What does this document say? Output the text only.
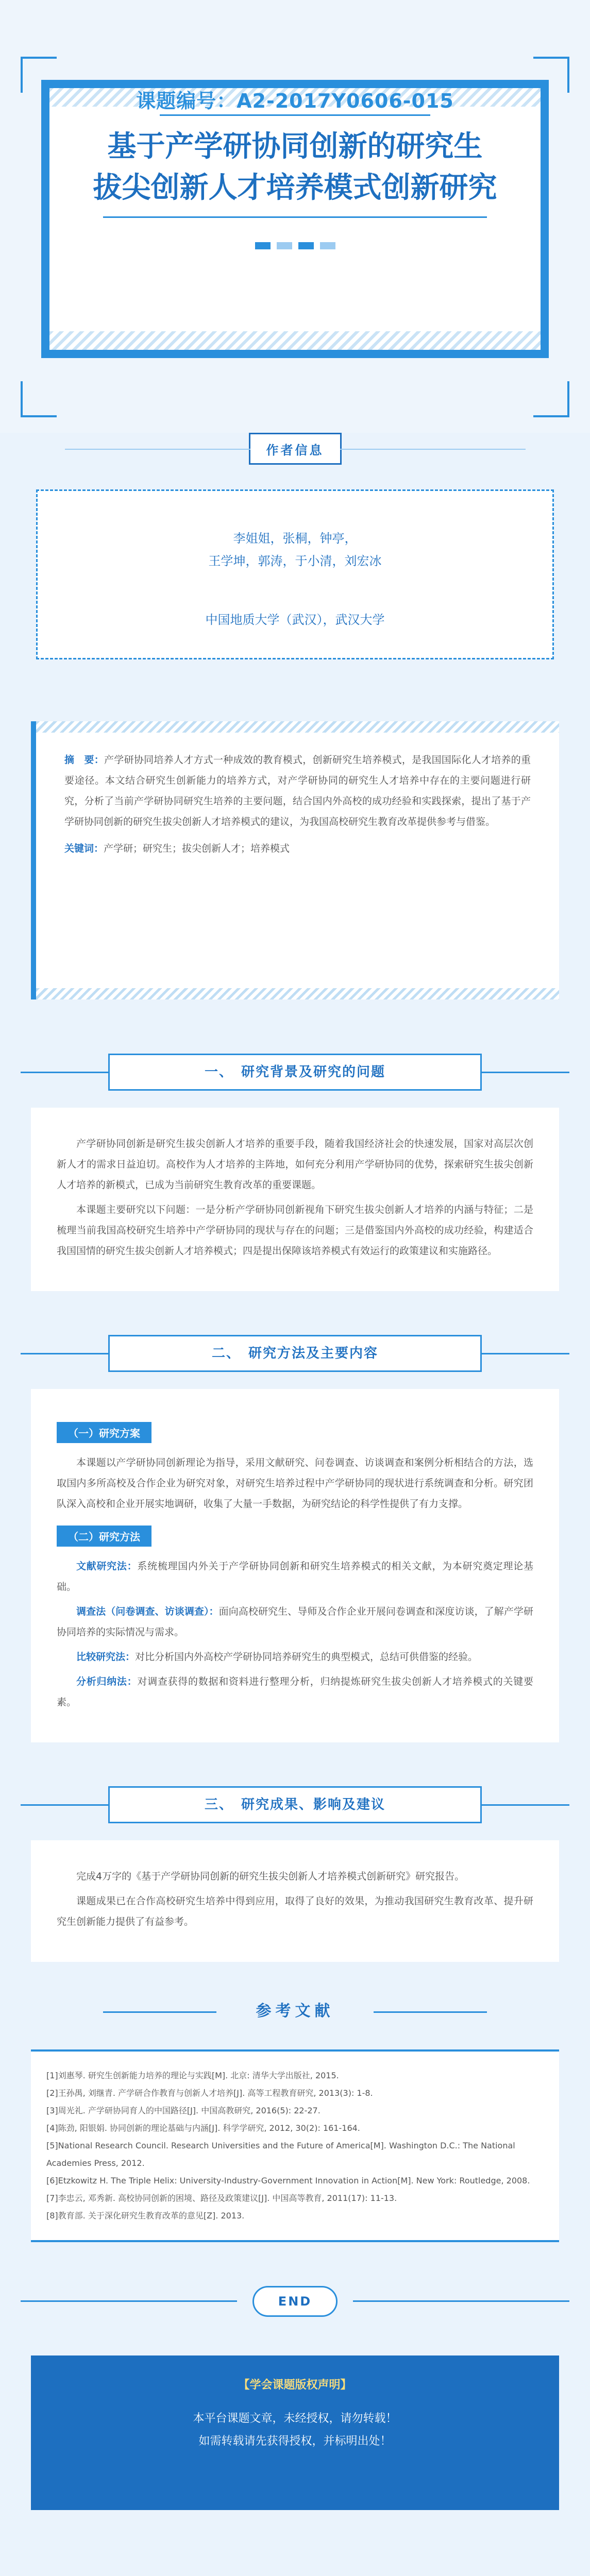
课题编号：A2-2017Y0606-015
基于产学研协同创新的研究生
拔尖创新人才培养模式创新研究
作者信息
李姐姐，张桐，钟亭，
王学坤，郭涛，于小清，刘宏冰
中国地质大学（武汉），武汉大学

摘　要：产学研协同培养人才方式一种成效的教育模式，创新研究生培养模式，是我国国际化人才培养的重要途径。本文结合研究生创新能力的培养方式，对产学研协同的研究生人才培养中存在的主要问题进行研究，分析了当前产学研协同研究生培养的主要问题，结合国内外高校的成功经验和实践探索，提出了基于产学研协同创新的研究生拔尖创新人才培养模式的建议，为我国高校研究生教育改革提供参考与借鉴。

关键词：产学研；研究生；拔尖创新人才；培养模式

一、　研究背景及研究的问题

产学研协同创新是研究生拔尖创新人才培养的重要手段，随着我国经济社会的快速发展，国家对高层次创新人才的需求日益迫切。高校作为人才培养的主阵地，如何充分利用产学研协同的优势，探索研究生拔尖创新人才培养的新模式，已成为当前研究生教育改革的重要课题。

本课题主要研究以下问题：一是分析产学研协同创新视角下研究生拔尖创新人才培养的内涵与特征；二是梳理当前我国高校研究生培养中产学研协同的现状与存在的问题；三是借鉴国内外高校的成功经验，构建适合我国国情的研究生拔尖创新人才培养模式；四是提出保障该培养模式有效运行的政策建议和实施路径。

二、　研究方法及主要内容
（一）研究方案

本课题以产学研协同创新理论为指导，采用文献研究、问卷调查、访谈调查和案例分析相结合的方法，选取国内多所高校及合作企业为研究对象，对研究生培养过程中产学研协同的现状进行系统调查和分析。研究团队深入高校和企业开展实地调研，收集了大量一手数据，为研究结论的科学性提供了有力支撑。

（二）研究方法

文献研究法：系统梳理国内外关于产学研协同创新和研究生培养模式的相关文献，为本研究奠定理论基础。

调查法（问卷调查、访谈调查）：面向高校研究生、导师及合作企业开展问卷调查和深度访谈，了解产学研协同培养的实际情况与需求。

比较研究法：对比分析国内外高校产学研协同培养研究生的典型模式，总结可供借鉴的经验。

分析归纳法：对调查获得的数据和资料进行整理分析，归纳提炼研究生拔尖创新人才培养模式的关键要素。

三、　研究成果、影响及建议

完成4万字的《基于产学研协同创新的研究生拔尖创新人才培养模式创新研究》研究报告。

课题成果已在合作高校研究生培养中得到应用，取得了良好的效果，为推动我国研究生教育改革、提升研究生创新能力提供了有益参考。

参考文献

[1]刘惠琴. 研究生创新能力培养的理论与实践[M]. 北京: 清华大学出版社, 2015.

[2]王孙禺, 刘继青. 产学研合作教育与创新人才培养[J]. 高等工程教育研究, 2013(3): 1-8.

[3]周光礼. 产学研协同育人的中国路径[J]. 中国高教研究, 2016(5): 22-27.

[4]陈劲, 阳银娟. 协同创新的理论基础与内涵[J]. 科学学研究, 2012, 30(2): 161-164.

[5]National Research Council. Research Universities and the Future of America[M]. Washington D.C.: The National Academies Press, 2012.

[6]Etzkowitz H. The Triple Helix: University-Industry-Government Innovation in Action[M]. New York: Routledge, 2008.

[7]李忠云, 邓秀新. 高校协同创新的困境、路径及政策建议[J]. 中国高等教育, 2011(17): 11-13.

[8]教育部. 关于深化研究生教育改革的意见[Z]. 2013.

END
【学会课题版权声明】
本平台课题文章，未经授权，请勿转载！
如需转载请先获得授权，并标明出处！
